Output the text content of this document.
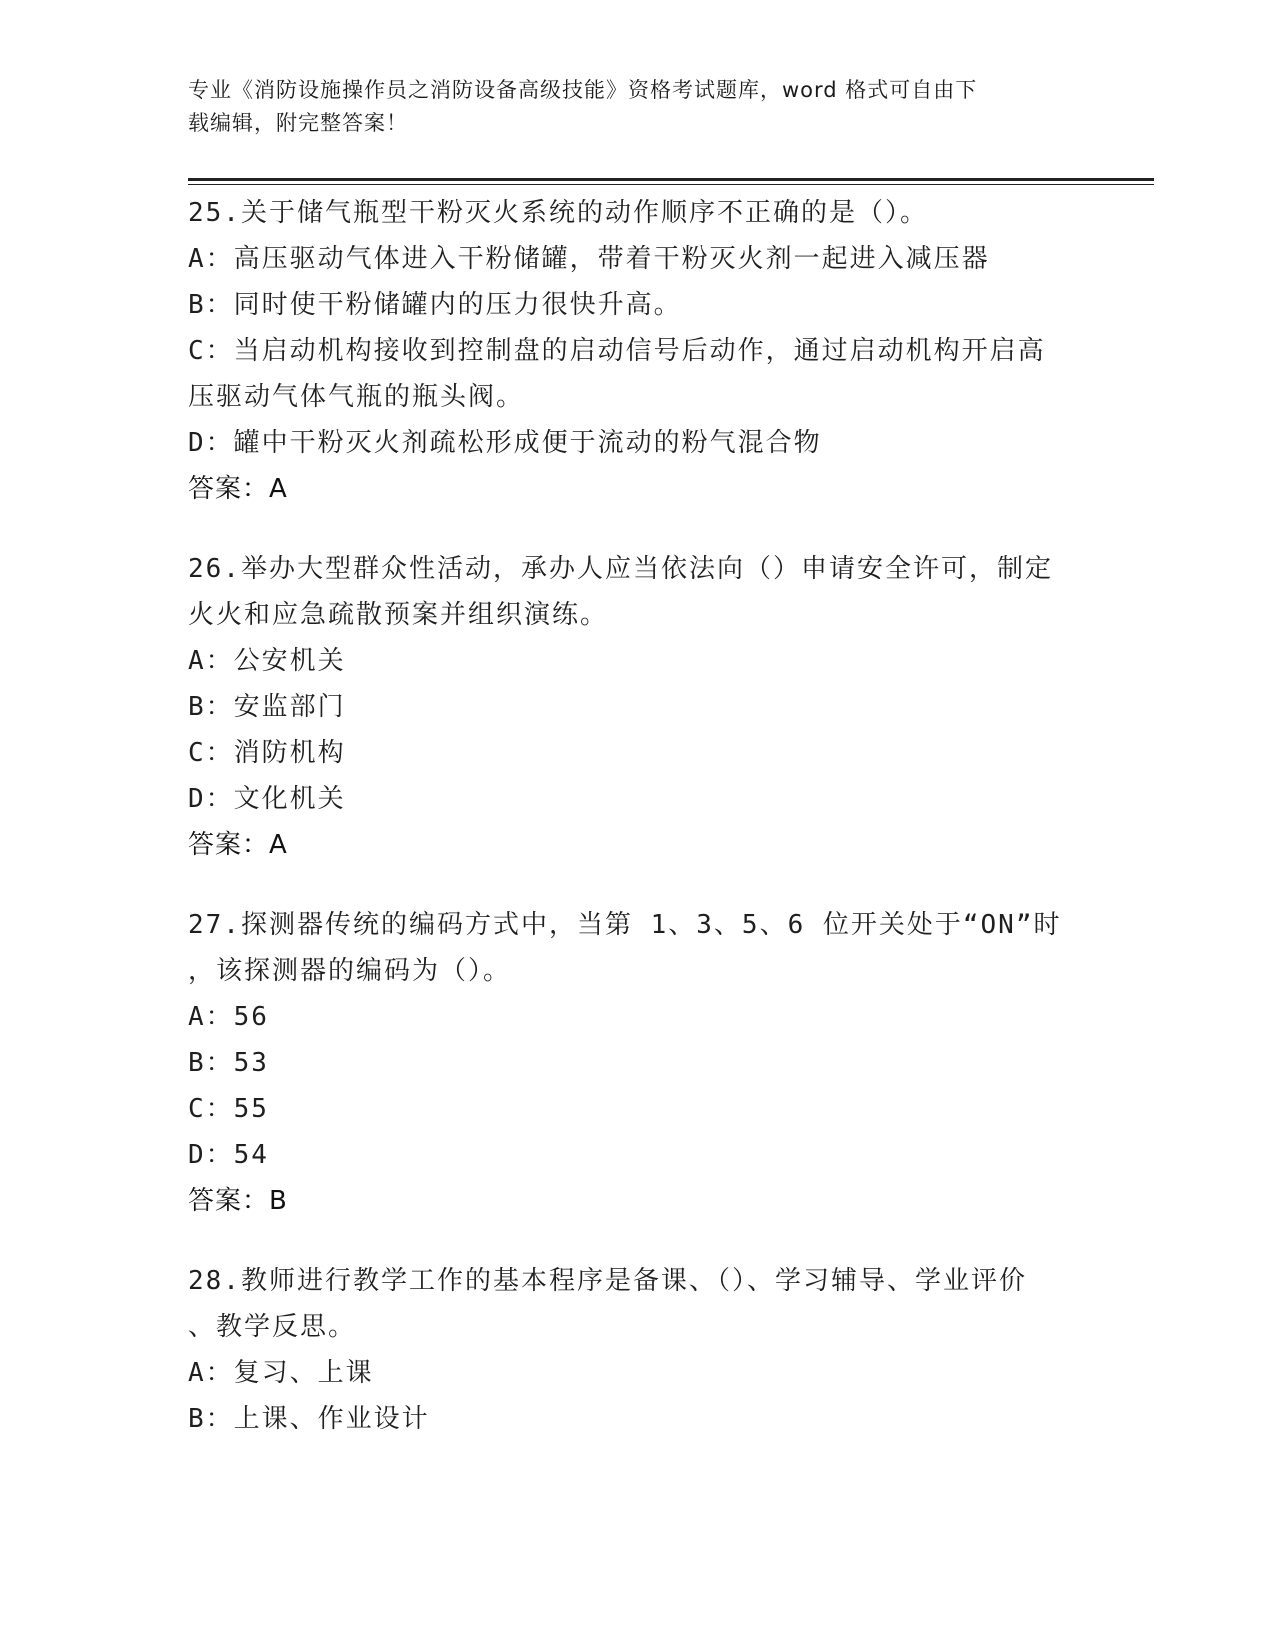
专业《消防设施操作员之消防设备高级技能》资格考试题库，word 格式可自由下
载编辑，附完整答案！
25.关于储气瓶型干粉灭火系统的动作顺序不正确的是（）。
A：高压驱动气体进入干粉储罐，带着干粉灭火剂一起进入减压器
B：同时使干粉储罐内的压力很快升高。
C：当启动机构接收到控制盘的启动信号后动作，通过启动机构开启高
压驱动气体气瓶的瓶头阀。
D：罐中干粉灭火剂疏松形成便于流动的粉气混合物
答案：A
26.举办大型群众性活动，承办人应当依法向（）申请安全许可，制定
火火和应急疏散预案并组织演练。
A：公安机关
B：安监部门
C：消防机构
D：文化机关
答案：A
27.探测器传统的编码方式中，当第 1、3、5、6 位开关处于“ON”时
，该探测器的编码为（）。
A：56
B：53
C：55
D：54
答案：B
28.教师进行教学工作的基本程序是备课、（）、学习辅导、学业评价
、教学反思。
A：复习、上课
B：上课、作业设计
